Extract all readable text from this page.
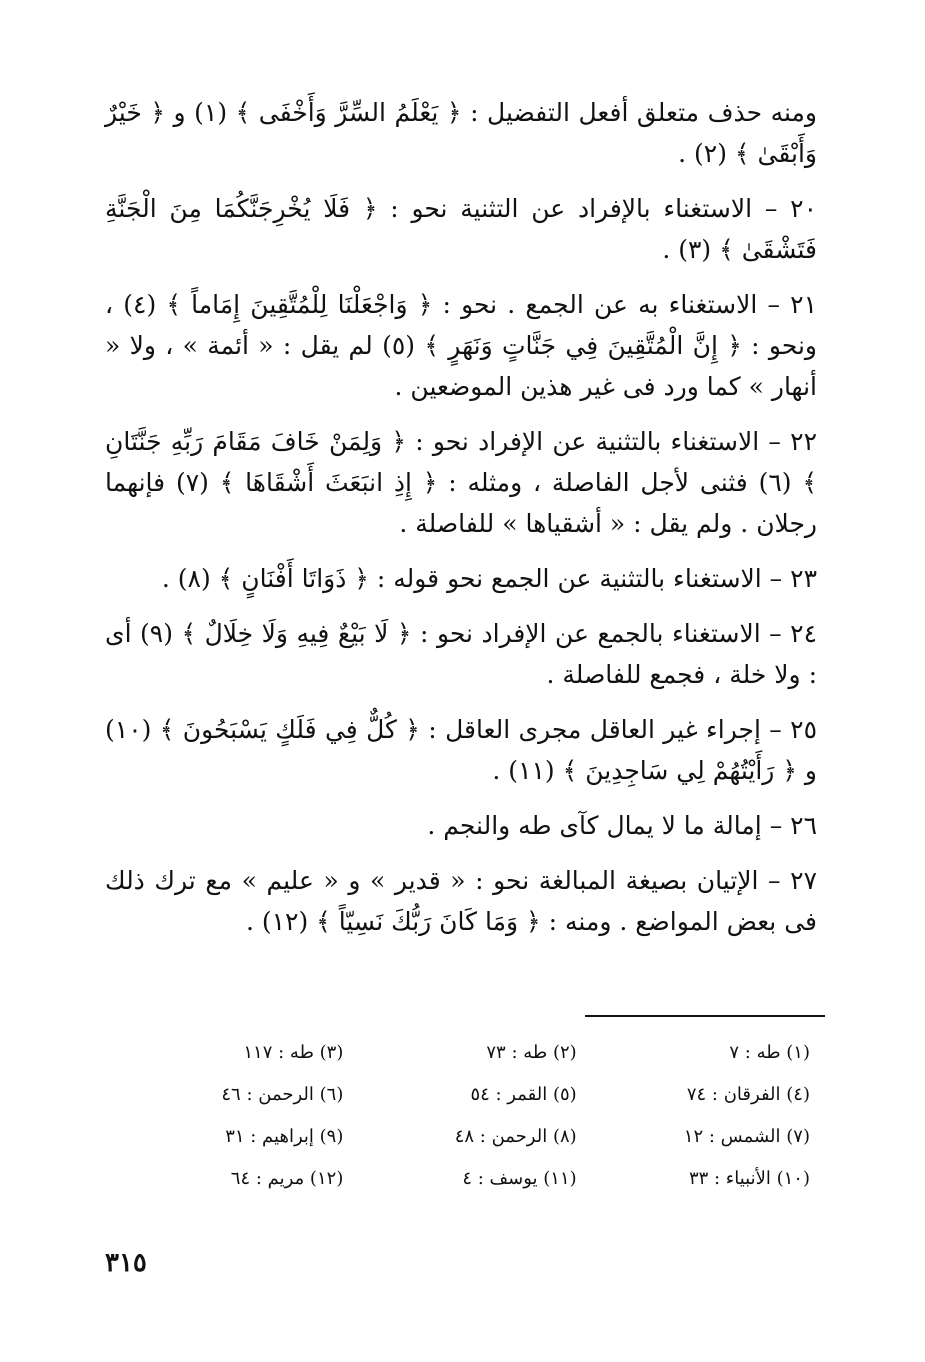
ومنه حذف متعلق أفعل التفضيل : ﴿ يَعْلَمُ السِّرَّ وَأَخْفَى ﴾ (١) و ﴿ خَيْرٌ وَأَبْقَىٰ ﴾ (٢) .

٢٠ – الاستغناء بالإفراد عن التثنية نحو : ﴿ فَلَا يُخْرِجَنَّكُمَا مِنَ الْجَنَّةِ فَتَشْقَىٰ ﴾ (٣) .

٢١ – الاستغناء به عن الجمع . نحو : ﴿ وَاجْعَلْنَا لِلْمُتَّقِينَ إِمَاماً ﴾ (٤) ، ونحو : ﴿ إِنَّ الْمُتَّقِينَ فِي جَنَّاتٍ وَنَهَرٍ ﴾ (٥) لم يقل : « أئمة » ، ولا « أنهار » كما ورد فى غير هذين الموضعين .

٢٢ – الاستغناء بالتثنية عن الإفراد نحو : ﴿ وَلِمَنْ خَافَ مَقَامَ رَبِّهِ جَنَّتَانِ ﴾ (٦) فثنى لأجل الفاصلة ، ومثله : ﴿ إِذِ انبَعَثَ أَشْقَاهَا ﴾ (٧) فإنهما رجلان . ولم يقل : « أشقياها » للفاصلة .

٢٣ – الاستغناء بالتثنية عن الجمع نحو قوله : ﴿ ذَوَاتَا أَفْنَانٍ ﴾ (٨) .

٢٤ – الاستغناء بالجمع عن الإفراد نحو : ﴿ لَا بَيْعٌ فِيهِ وَلَا خِلَالٌ ﴾ (٩) أى : ولا خلة ، فجمع للفاصلة .

٢٥ – إجراء غير العاقل مجرى العاقل : ﴿ كُلٌّ فِي فَلَكٍ يَسْبَحُونَ ﴾ (١٠) و ﴿ رَأَيْتُهُمْ لِي سَاجِدِينَ ﴾ (١١) .

٢٦ – إمالة ما لا يمال كآى طه والنجم .

٢٧ – الإتيان بصيغة المبالغة نحو : « قدير » و « عليم » مع ترك ذلك فى بعض المواضع . ومنه : ﴿ وَمَا كَانَ رَبُّكَ نَسِيّاً ﴾ (١٢) .

(١) طه : ٧
(٢) طه : ٧٣
(٣) طه : ١١٧
(٤) الفرقان : ٧٤
(٥) القمر : ٥٤
(٦) الرحمن : ٤٦
(٧) الشمس : ١٢
(٨) الرحمن : ٤٨
(٩) إبراهيم : ٣١
(١٠) الأنبياء : ٣٣
(١١) يوسف : ٤
(١٢) مريم : ٦٤
٣١٥
